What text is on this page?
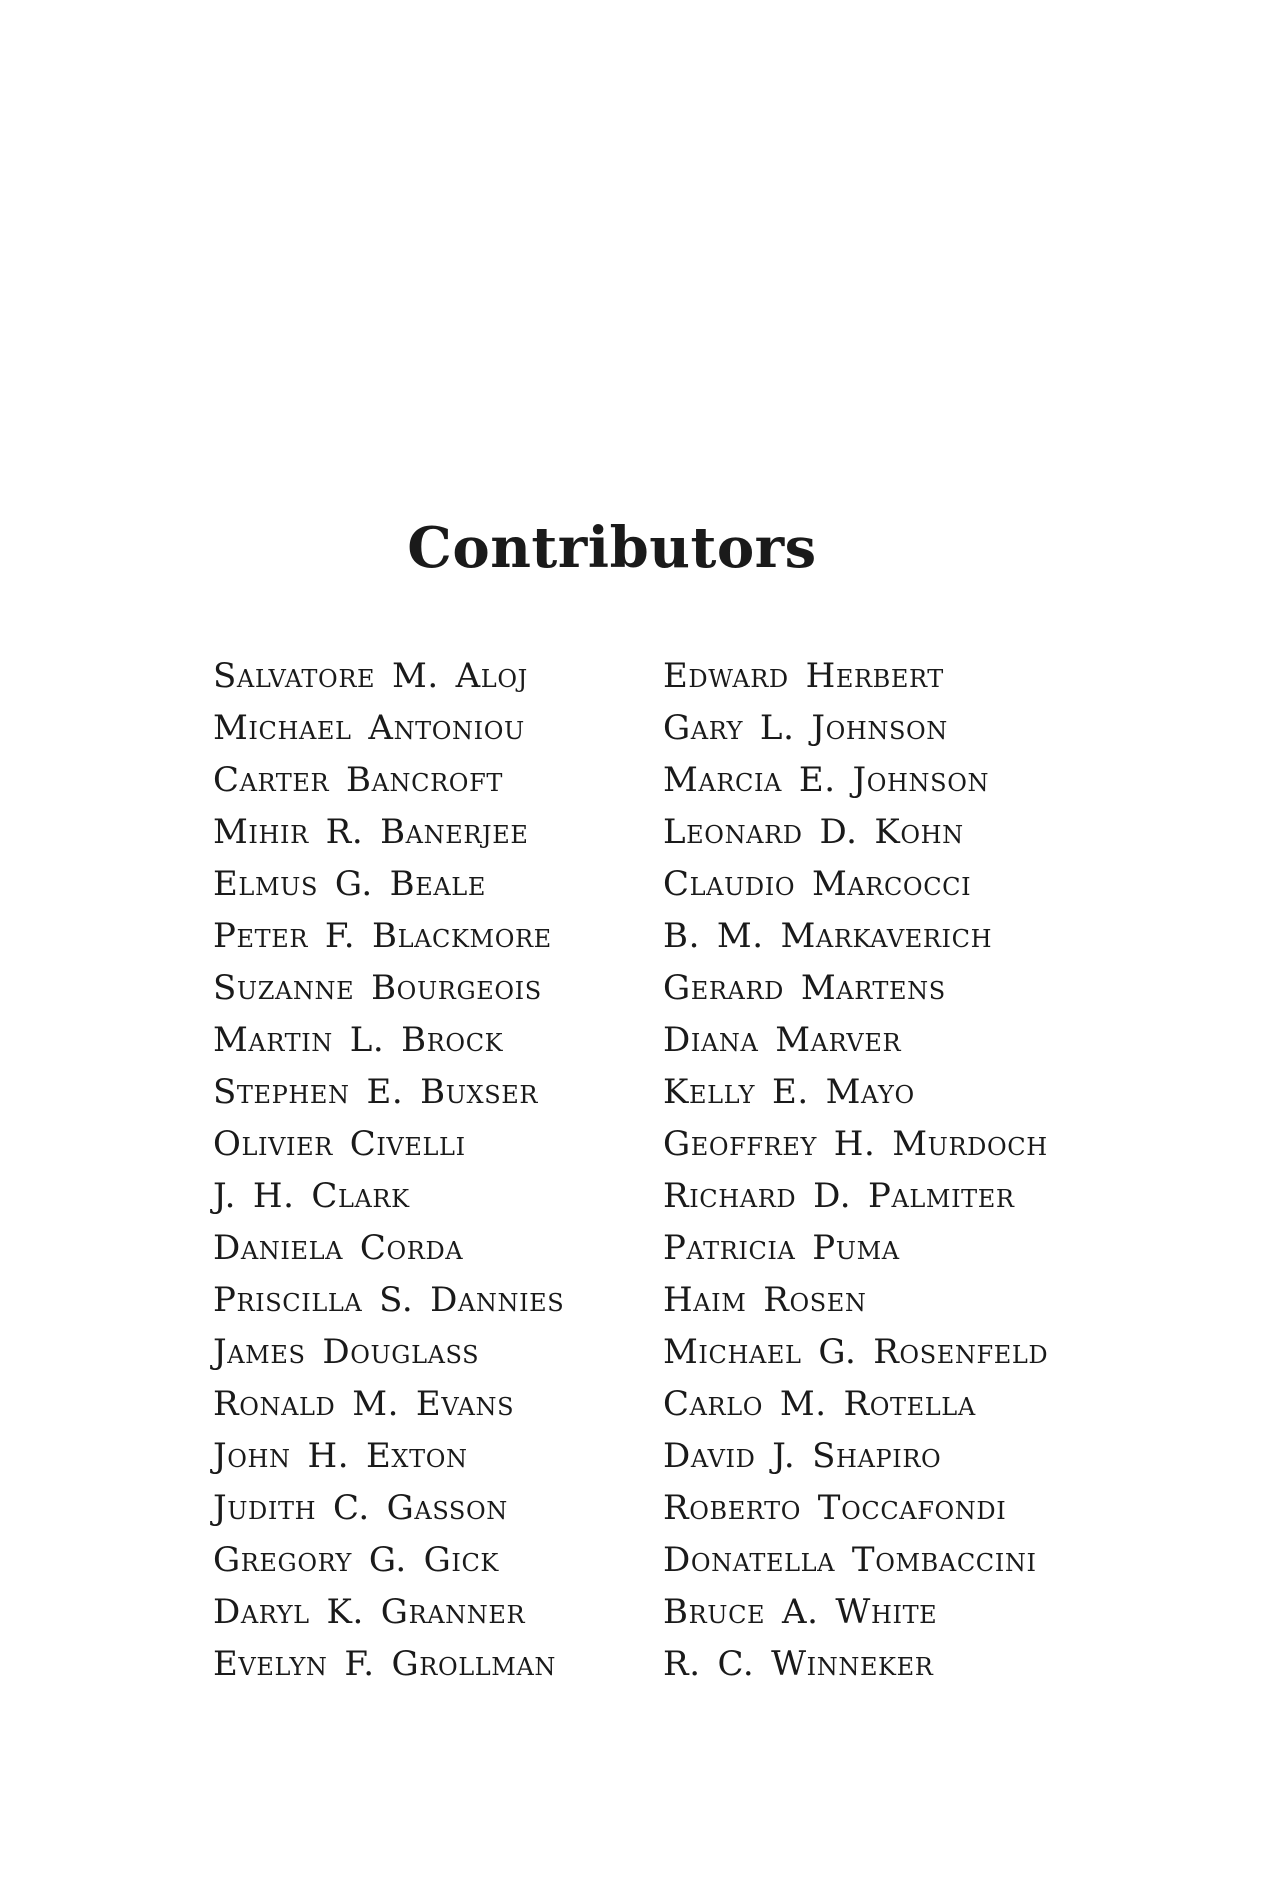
Contributors
Salvatore M. Aloj
Michael Antoniou
Carter Bancroft
Mihir R. Banerjee
Elmus G. Beale
Peter F. Blackmore
Suzanne Bourgeois
Martin L. Brock
Stephen E. Buxser
Olivier Civelli
J. H. Clark
Daniela Corda
Priscilla S. Dannies
James Douglass
Ronald M. Evans
John H. Exton
Judith C. Gasson
Gregory G. Gick
Daryl K. Granner
Evelyn F. Grollman
Edward Herbert
Gary L. Johnson
Marcia E. Johnson
Leonard D. Kohn
Claudio Marcocci
B. M. Markaverich
Gerard Martens
Diana Marver
Kelly E. Mayo
Geoffrey H. Murdoch
Richard D. Palmiter
Patricia Puma
Haim Rosen
Michael G. Rosenfeld
Carlo M. Rotella
David J. Shapiro
Roberto Toccafondi
Donatella Tombaccini
Bruce A. White
R. C. Winneker
